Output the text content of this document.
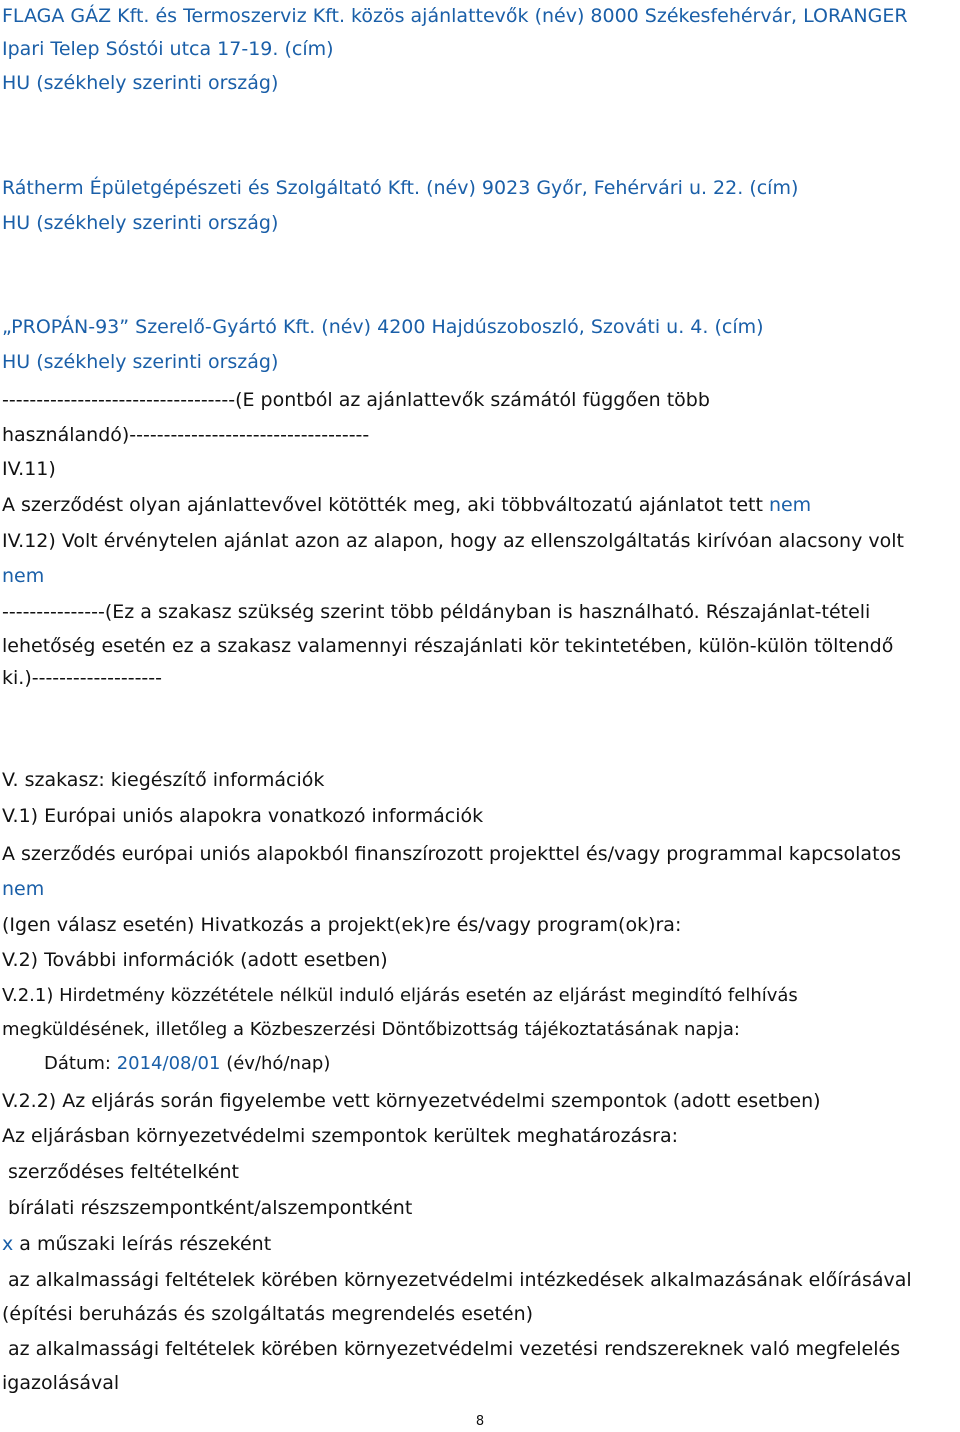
FLAGA GÁZ Kft. és Termoszerviz Kft. közös ajánlattevők (név) 8000 Székesfehérvár, LORANGER
Ipari Telep Sóstói utca 17-19. (cím)
HU (székhely szerinti ország)
Rátherm Épületgépészeti és Szolgáltató Kft. (név) 9023 Győr, Fehérvári u. 22. (cím)
HU (székhely szerinti ország)
„PROPÁN-93” Szerelő-Gyártó Kft. (név) 4200 Hajdúszoboszló, Szováti u. 4. (cím)
HU (székhely szerinti ország)
----------------------------------(E pontból az ajánlattevők számától függően több
használandó)-----------------------------------
IV.11)
A szerződést olyan ajánlattevővel kötötték meg, aki többváltozatú ajánlatot tett nem
IV.12) Volt érvénytelen ajánlat azon az alapon, hogy az ellenszolgáltatás kirívóan alacsony volt
nem
---------------(Ez a szakasz szükség szerint több példányban is használható. Részajánlat-tételi
lehetőség esetén ez a szakasz valamennyi részajánlati kör tekintetében, külön-külön töltendő
ki.)-------------------
V. szakasz: kiegészítő információk
V.1) Európai uniós alapokra vonatkozó információk
A szerződés európai uniós alapokból finanszírozott projekttel és/vagy programmal kapcsolatos
nem
(Igen válasz esetén) Hivatkozás a projekt(ek)re és/vagy program(ok)ra:
V.2) További információk (adott esetben)
V.2.1) Hirdetmény közzététele nélkül induló eljárás esetén az eljárást megindító felhívás
megküldésének, illetőleg a Közbeszerzési Döntőbizottság tájékoztatásának napja:
Dátum: 2014/08/01 (év/hó/nap)
V.2.2) Az eljárás során figyelembe vett környezetvédelmi szempontok (adott esetben)
Az eljárásban környezetvédelmi szempontok kerültek meghatározásra:
szerződéses feltételként
bírálati részszempontként/alszempontként
x a műszaki leírás részeként
az alkalmassági feltételek körében környezetvédelmi intézkedések alkalmazásának előírásával
(építési beruházás és szolgáltatás megrendelés esetén)
az alkalmassági feltételek körében környezetvédelmi vezetési rendszereknek való megfelelés
igazolásával
8
